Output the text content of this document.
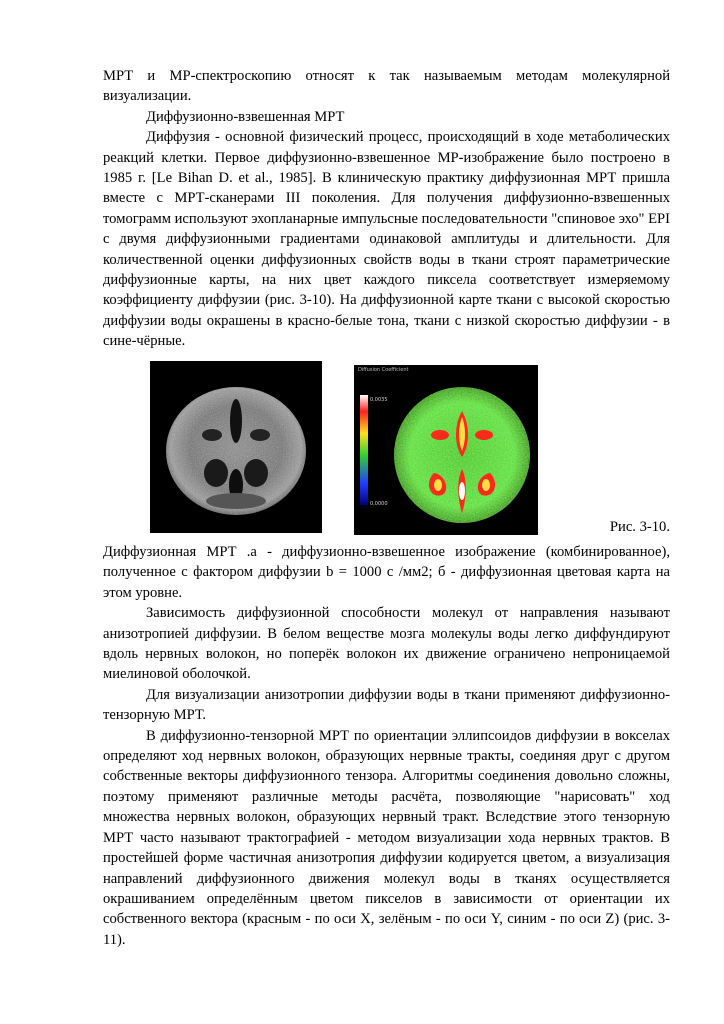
МРТ и МР-спектроскопию относят к так называемым методам молекулярной визуализации.

Диффузионно-взвешенная МРТ

Диффузия - основной физический процесс, происходящий в ходе метаболических реакций клетки. Первое диффузионно-взвешенное МР-изображение было построено в 1985 г. [Le Bihan D. et al., 1985]. В клиническую практику диффузионная МРТ пришла вместе с МРТ-сканерами III поколения. Для получения диффузионно-взвешенных томограмм используют эхопланарные импульсные последовательности "спиновое эхо" EPI с двумя диффузионными градиентами одинаковой амплитуды и длительности. Для количественной оценки диффузионных свойств воды в ткани строят параметрические диффузионные карты, на них цвет каждого пиксела соответствует измеряемому коэффициенту диффузии (рис. 3-10). На диффузионной карте ткани с высокой скоростью диффузии воды окрашены в красно-белые тона, ткани с низкой скоростью диффузии - в сине-чёрные.

0,0035
0,0000
Diffusion Coefficient
Рис. 3-10.

Диффузионная МРТ .а - диффузионно-взвешенное изображение (комбинированное), полученное с фактором диффузии b = 1000 с /мм2; б - диффузионная цветовая карта на этом уровне.

Зависимость диффузионной способности молекул от направления называют анизотропией диффузии. В белом веществе мозга молекулы воды легко диффундируют вдоль нервных волокон, но поперёк волокон их движение ограничено непроницаемой миелиновой оболочкой.

Для визуализации анизотропии диффузии воды в ткани применяют диффузионно-тензорную МРТ.

В диффузионно-тензорной МРТ по ориентации эллипсоидов диффузии в вокселах определяют ход нервных волокон, образующих нервные тракты, соединяя друг с другом собственные векторы диффузионного тензора. Алгоритмы соединения довольно сложны, поэтому применяют различные методы расчёта, позволяющие "нарисовать" ход множества нервных волокон, образующих нервный тракт. Вследствие этого тензорную МРТ часто называют трактографией - методом визуализации хода нервных трактов. В простейшей форме частичная анизотропия диффузии кодируется цветом, а визуализация направлений диффузионного движения молекул воды в тканях осуществляется окрашиванием определённым цветом пикселов в зависимости от ориентации их собственного вектора (красным - по оси X, зелёным - по оси Y, синим - по оси Z) (рис. 3-11).
